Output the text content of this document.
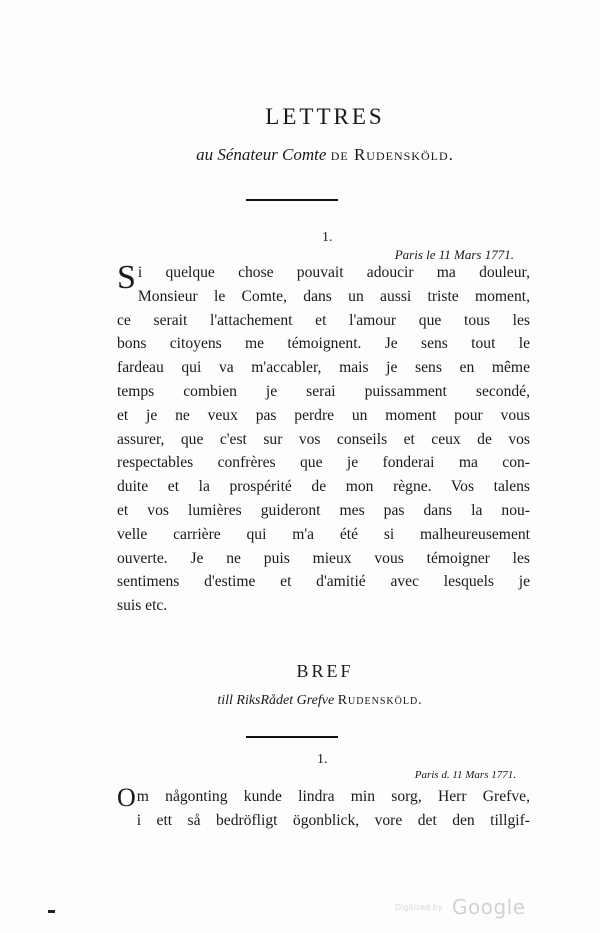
LETTRES
au Sénateur Comte de Rudensköld.
1.
Paris le 11 Mars 1771.
S i quelque chose pouvait adoucir ma douleur,
Monsieur le Comte, dans un aussi triste moment,
ce serait l'attachement et l'amour que tous les
bons citoyens me témoignent. Je sens tout le
fardeau qui va m'accabler, mais je sens en même
temps combien je serai puissamment secondé,
et je ne veux pas perdre un moment pour vous
assurer, que c'est sur vos conseils et ceux de vos
respectables confrères que je fonderai ma con-
duite et la prospérité de mon règne. Vos talens
et vos lumières guideront mes pas dans la nou-
velle carrière qui m'a été si malheureusement
ouverte. Je ne puis mieux vous témoigner les
sentimens d'estime et d'amitié avec lesquels je
suis etc.
BREF
till RiksRådet Grefve Rudensköld.
1.
Paris d. 11 Mars 1771.
O m någonting kunde lindra min sorg, Herr Grefve,
i ett så bedröfligt ögonblick, vore det den tillgif-
Digitized by Google
